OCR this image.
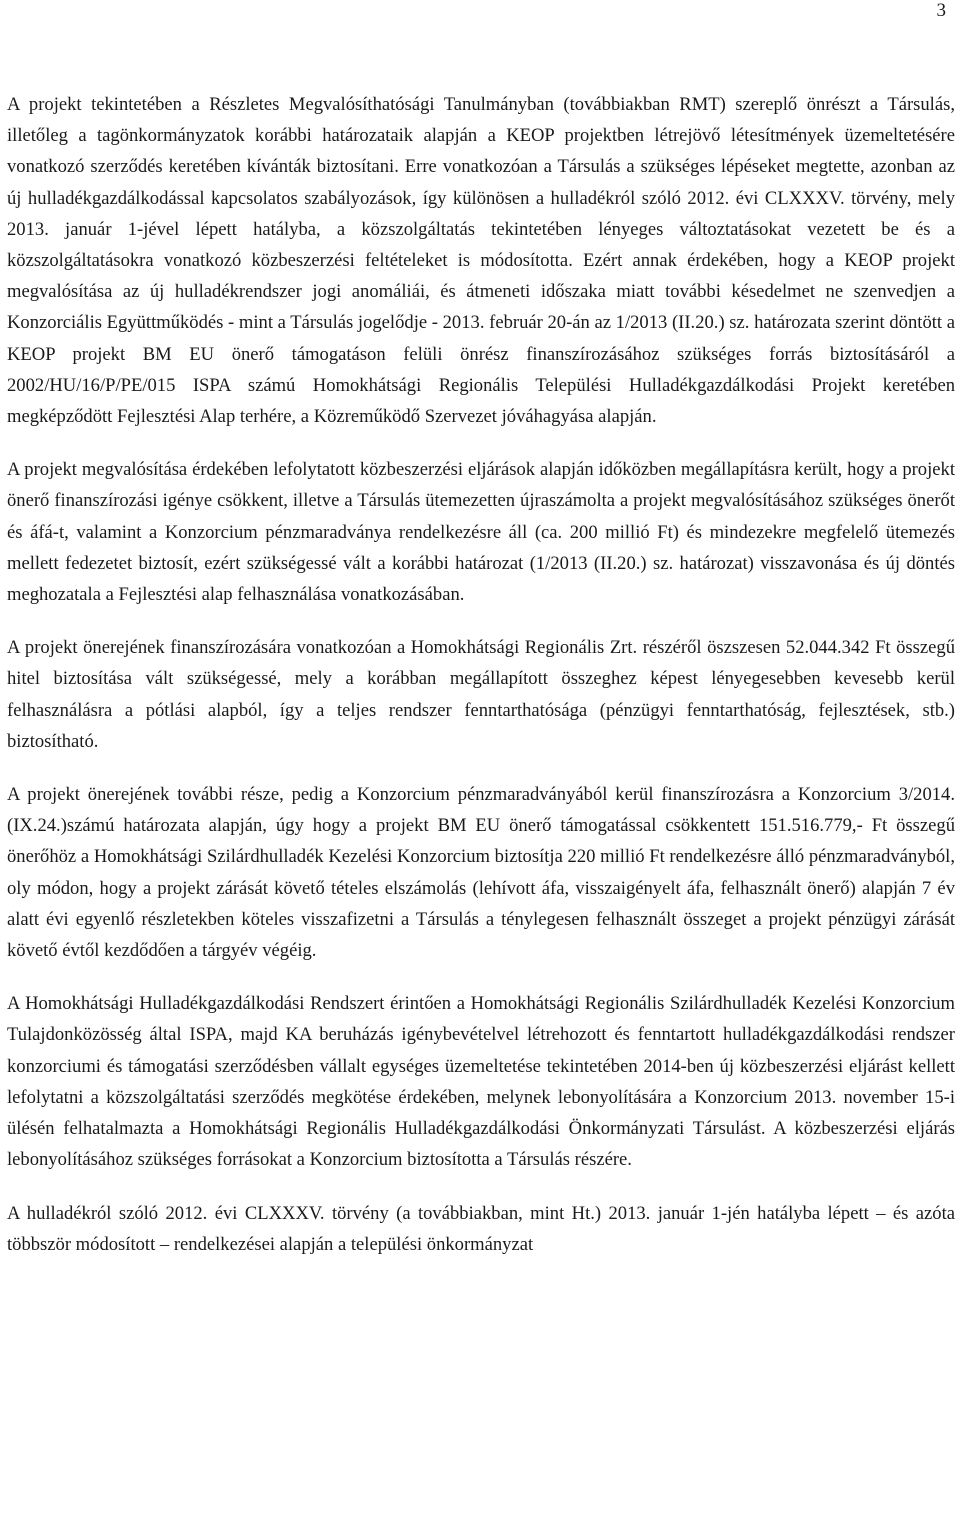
3

A projekt tekintetében a Részletes Megvalósíthatósági Tanulmányban (továbbiakban RMT) szereplő önrészt a Társulás, illetőleg a tagönkormányzatok korábbi határozataik alapján a KEOP projektben létrejövő létesítmények üzemeltetésére vonatkozó szerződés keretében kívánták biztosítani. Erre vonatkozóan a Társulás a szükséges lépéseket megtette, azonban az új hulladékgazdálkodással kapcsolatos szabályozások, így különösen a hulladékról szóló 2012. évi CLXXXV. törvény, mely 2013. január 1-jével lépett hatályba, a közszolgáltatás tekintetében lényeges változtatásokat vezetett be és a közszolgáltatásokra vonatkozó közbeszerzési feltételeket is módosította. Ezért annak érdekében, hogy a KEOP projekt megvalósítása az új hulladékrendszer jogi anomáliái, és átmeneti időszaka miatt további késedelmet ne szenvedjen a Konzorciális Együttműködés - mint a Társulás jogelődje - 2013. február 20-án az 1/2013 (II.20.) sz. határozata szerint döntött a KEOP projekt BM EU önerő támogatáson felüli önrész finanszírozásához szükséges forrás biztosításáról a 2002/HU/16/P/PE/015 ISPA számú Homokhátsági Regionális Települési Hulladékgazdálkodási Projekt keretében megképződött Fejlesztési Alap terhére, a Közreműködő Szervezet jóváhagyása alapján.

A projekt megvalósítása érdekében lefolytatott közbeszerzési eljárások alapján időközben megállapításra került, hogy a projekt önerő finanszírozási igénye csökkent, illetve a Társulás ütemezetten újraszámolta a projekt megvalósításához szükséges önerőt és áfá-t, valamint a Konzorcium pénzmaradványa rendelkezésre áll (ca. 200 millió Ft) és mindezekre megfelelő ütemezés mellett fedezetet biztosít, ezért szükségessé vált a korábbi határozat (1/2013 (II.20.) sz. határozat) visszavonása és új döntés meghozatala a Fejlesztési alap felhasználása vonatkozásában.

A projekt önerejének finanszírozására vonatkozóan a Homokhátsági Regionális Zrt. részéről öszszesen 52.044.342 Ft összegű hitel biztosítása vált szükségessé, mely a korábban megállapított összeghez képest lényegesebben kevesebb kerül felhasználásra a pótlási alapból, így a teljes rendszer fenntarthatósága (pénzügyi fenntarthatóság, fejlesztések, stb.) biztosítható.

A projekt önerejének további része, pedig a Konzorcium pénzmaradványából kerül finanszírozásra a Konzorcium 3/2014.(IX.24.)számú határozata alapján, úgy hogy a projekt BM EU önerő támogatással csökkentett 151.516.779,- Ft összegű önerőhöz a Homokhátsági Szilárdhulladék Kezelési Konzorcium biztosítja 220 millió Ft rendelkezésre álló pénzmaradványból, oly módon, hogy a projekt zárását követő tételes elszámolás (lehívott áfa, visszaigényelt áfa, felhasznált önerő) alapján 7 év alatt évi egyenlő részletekben köteles visszafizetni a Társulás a ténylegesen felhasznált összeget a projekt pénzügyi zárását követő évtől kezdődően a tárgyév végéig.

A Homokhátsági Hulladékgazdálkodási Rendszert érintően a Homokhátsági Regionális Szilárdhulladék Kezelési Konzorcium Tulajdonközösség által ISPA, majd KA beruházás igénybevételvel létrehozott és fenntartott hulladékgazdálkodási rendszer konzorciumi és támogatási szerződésben vállalt egységes üzemeltetése tekintetében 2014-ben új közbeszerzési eljárást kellett lefolytatni a közszolgáltatási szerződés megkötése érdekében, melynek lebonyolítására a Konzorcium 2013. november 15-i ülésén felhatalmazta a Homokhátsági Regionális Hulladékgazdálkodási Önkormányzati Társulást. A közbeszerzési eljárás lebonyolításához szükséges forrásokat a Konzorcium biztosította a Társulás részére.

A hulladékról szóló 2012. évi CLXXXV. törvény (a továbbiakban, mint Ht.) 2013. január 1-jén hatályba lépett – és azóta többször módosított – rendelkezései alapján a települési önkormányzat
